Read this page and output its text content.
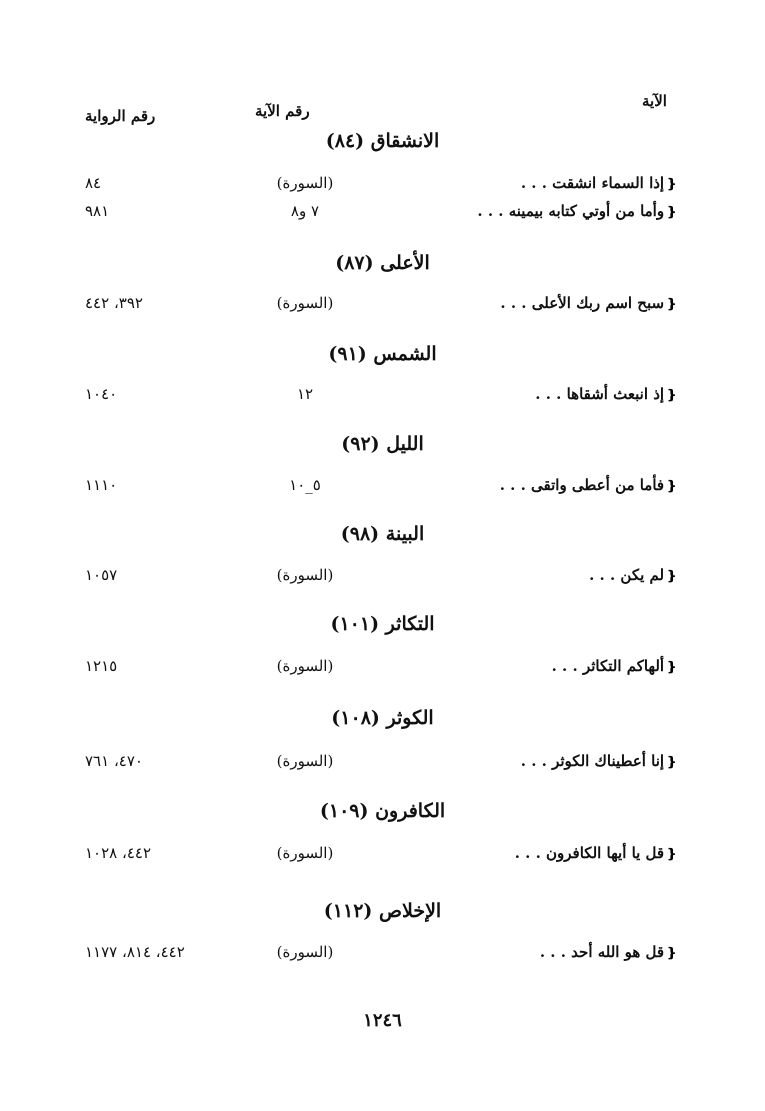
الآية
رقم الآية
رقم الرواية
الانشقاق (٨٤)
❴إذا السماء انشقت . . .
(السورة)
٨٤
❴وأما من أوتي كتابه بيمينه . . .
٧ و٨
٩٨١
الأعلى (٨٧)
❴سبح اسم ربك الأعلى . . .
(السورة)
٣٩٢، ٤٤٢
الشمس (٩١)
❴إذ انبعث أشقاها . . .
١٢
١٠٤٠
الليل (٩٢)
❴فأما من أعطى واتقى . . .
٥_١٠
١١١٠
البينة (٩٨)
❴لم يكن . . .
(السورة)
١٠٥٧
التكاثر (١٠١)
❴ألهاكم التكاثر . . .
(السورة)
١٢١٥
الكوثر (١٠٨)
❴إنا أعطيناك الكوثر . . .
(السورة)
٤٧٠، ٧٦١
الكافرون (١٠٩)
❴قل يا أيها الكافرون . . .
(السورة)
٤٤٢، ١٠٢٨
الإخلاص (١١٢)
❴قل هو الله أحد . . .
(السورة)
٤٤٢، ٨١٤، ١١٧٧
١٢٤٦
